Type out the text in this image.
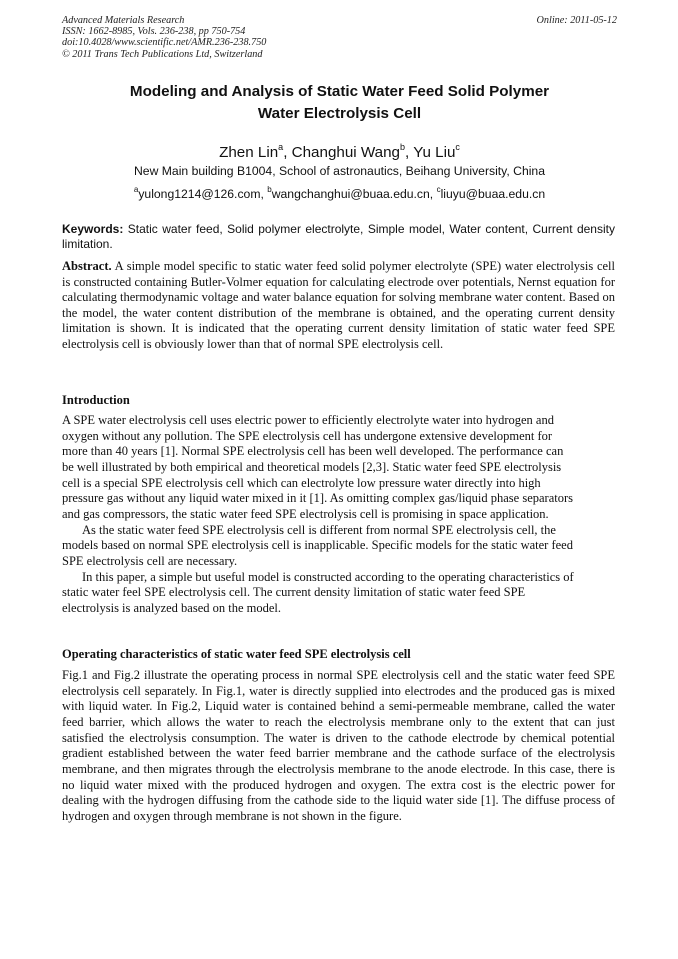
Advanced Materials Research
ISSN: 1662-8985, Vols. 236-238, pp 750-754
doi:10.4028/www.scientific.net/AMR.236-238.750
© 2011 Trans Tech Publications Ltd, Switzerland
Online: 2011-05-12
Modeling and Analysis of Static Water Feed Solid Polymer
Water Electrolysis Cell
Zhen Lin$^a$, Changhui Wang$^b$, Yu Liu$^c$
New Main building B1004, School of astronautics, Beihang University, China
$^a$yulong1214@126.com, $^b$wangchanghui@buaa.edu.cn, $^c$liuyu@buaa.edu.cn
Keywords: Static water feed, Solid polymer electrolyte, Simple model, Water content, Current density limitation.
Abstract. A simple model specific to static water feed solid polymer electrolyte (SPE) water electrolysis cell is constructed containing Butler-Volmer equation for calculating electrode over potentials, Nernst equation for calculating thermodynamic voltage and water balance equation for solving membrane water content. Based on the model, the water content distribution of the membrane is obtained, and the operating current density limitation is shown. It is indicated that the operating current density limitation of static water feed SPE electrolysis cell is obviously lower than that of normal SPE electrolysis cell.
Introduction

A SPE water electrolysis cell uses electric power to efficiently electrolyte water into hydrogen and
oxygen without any pollution. The SPE electrolysis cell has undergone extensive development for
more than 40 years [1]. Normal SPE electrolysis cell has been well developed. The performance can
be well illustrated by both empirical and theoretical models [2,3]. Static water feed SPE electrolysis
cell is a special SPE electrolysis cell which can electrolyte low pressure water directly into high
pressure gas without any liquid water mixed in it [1]. As omitting complex gas/liquid phase separators
and gas compressors, the static water feed SPE electrolysis cell is promising in space application.

As the static water feed SPE electrolysis cell is different from normal SPE electrolysis cell, the
models based on normal SPE electrolysis cell is inapplicable. Specific models for the static water feed
SPE electrolysis cell are necessary.

In this paper, a simple but useful model is constructed according to the operating characteristics of
static water feel SPE electrolysis cell. The current density limitation of static water feed SPE
electrolysis is analyzed based on the model.

Operating characteristics of static water feed SPE electrolysis cell

Fig.1 and Fig.2 illustrate the operating process in normal SPE electrolysis cell and the static water feed SPE electrolysis cell separately. In Fig.1, water is directly supplied into electrodes and the produced gas is mixed with liquid water. In Fig.2, Liquid water is contained behind a semi-permeable membrane, called the water feed barrier, which allows the water to reach the electrolysis membrane only to the extent that can just satisfied the electrolysis consumption. The water is driven to the cathode electrode by chemical potential gradient established between the water feed barrier membrane and the cathode surface of the electrolysis membrane, and then migrates through the electrolysis membrane to the anode electrode. In this case, there is no liquid water mixed with the produced hydrogen and oxygen. The extra cost is the electric power for dealing with the hydrogen diffusing from the cathode side to the liquid water side [1]. The diffuse process of hydrogen and oxygen through membrane is not shown in the figure.
